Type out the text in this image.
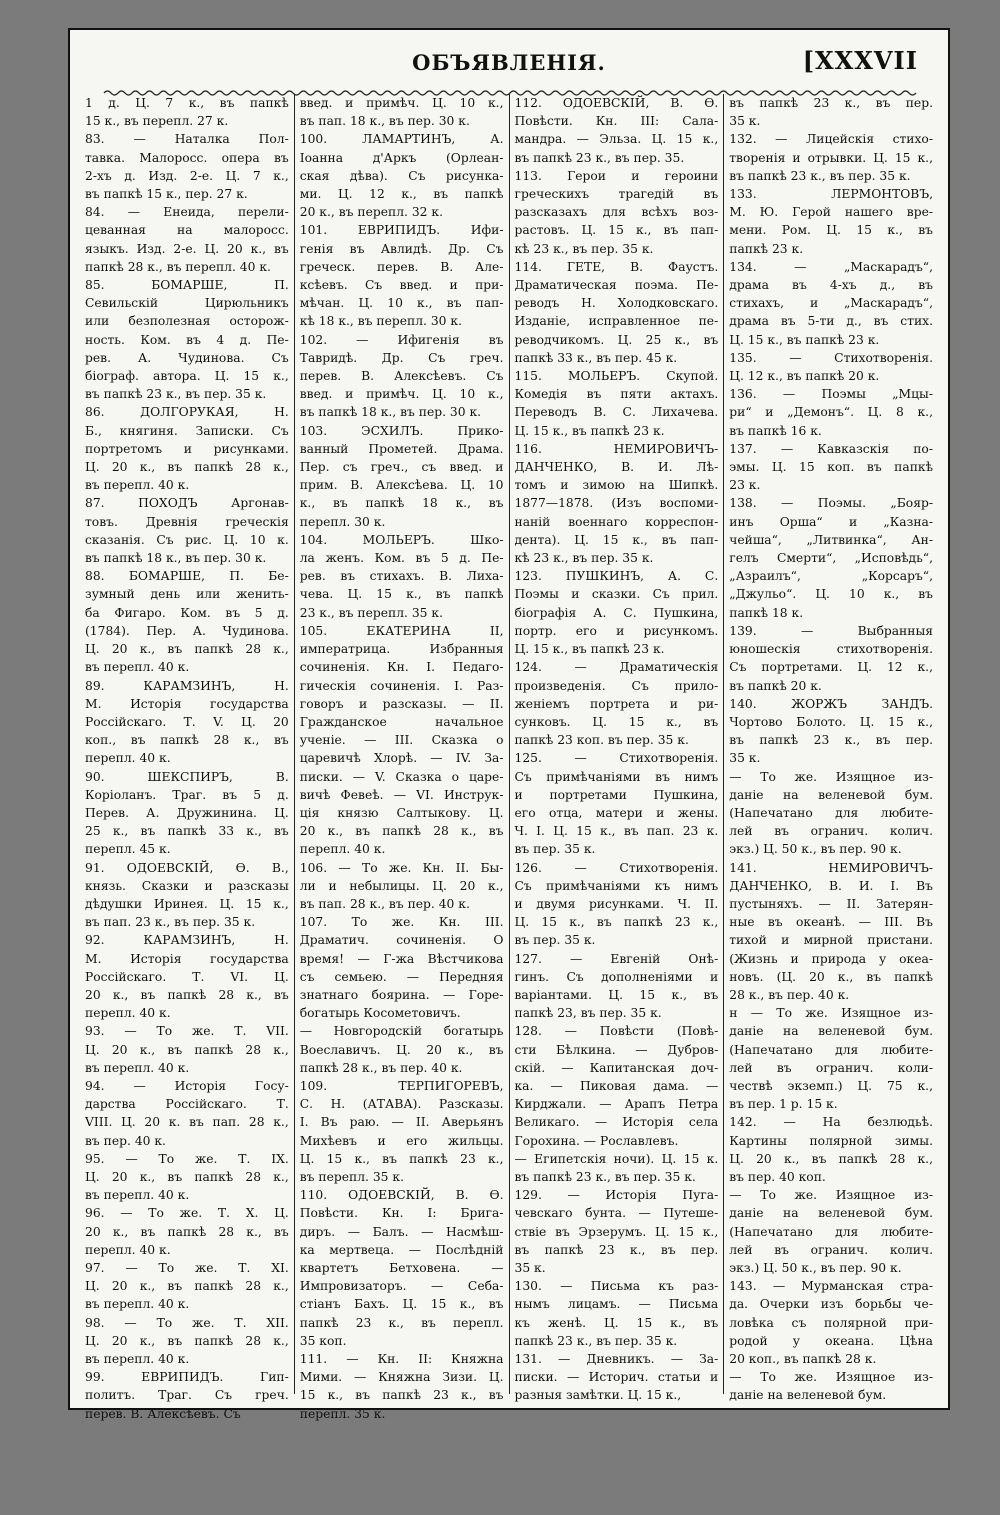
ОБЪЯВЛЕНІЯ.	[XXXVII
1 д. Ц. 7 к., въ папкѣ
15 к., въ перепл. 27 к.
83. — Наталка Пол-
тавка. Малоросс. опера въ
2-хъ д. Изд. 2-е. Ц. 7 к.,
въ папкѣ 15 к., пер. 27 к.
84. — Енеида, перели-
цеванная на малоросс.
языкъ. Изд. 2-е. Ц. 20 к., въ
папкѣ 28 к., въ перепл. 40 к.
85. БОМАРШЕ, П.
Севильскій Цирюльникъ
или безполезная осторож-
ность. Ком. въ 4 д. Пе-
рев. А. Чудинова. Съ
біограф. автора. Ц. 15 к.,
въ папкѣ 23 к., въ пер. 35 к.
86. ДОЛГОРУКАЯ, Н.
Б., княгиня. Записки. Съ
портретомъ и рисунками.
Ц. 20 к., въ папкѣ 28 к.,
въ перепл. 40 к.
87. ПОХОДЪ Аргонав-
товъ. Древнія греческія
сказанія. Съ рис. Ц. 10 к.
въ папкѣ 18 к., въ пер. 30 к.
88. БОМАРШЕ, П. Бе-
зумный день или женить-
ба Фигаро. Ком. въ 5 д.
(1784). Пер. А. Чудинова.
Ц. 20 к., въ папкѣ 28 к.,
въ перепл. 40 к.
89. КАРАМЗИНЪ, Н.
М. Исторія государства
Россійскаго. Т. V. Ц. 20
коп., въ папкѣ 28 к., въ
перепл. 40 к.
90. ШЕКСПИРЪ, В.
Коріоланъ. Траг. въ 5 д.
Перев. А. Дружинина. Ц.
25 к., въ папкѣ 33 к., въ
перепл. 45 к.
91. ОДОЕВСКІЙ, Ѳ. В.,
князь. Сказки и разсказы
дѣдушки Иринея. Ц. 15 к.,
въ пап. 23 к., въ пер. 35 к.
92. КАРАМЗИНЪ, Н.
М. Исторія государства
Россійскаго. Т. VI. Ц.
20 к., въ папкѣ 28 к., въ
перепл. 40 к.
93. — То же. Т. VII.
Ц. 20 к., въ папкѣ 28 к.,
въ перепл. 40 к.
94. — Исторія Госу-
дарства Россійскаго. Т.
VIII. Ц. 20 к. въ пап. 28 к.,
въ пер. 40 к.
95. — То же. Т. IX.
Ц. 20 к., въ папкѣ 28 к.,
въ перепл. 40 к.
96. — То же. Т. X. Ц.
20 к., въ папкѣ 28 к., въ
перепл. 40 к.
97. — То же. Т. XI.
Ц. 20 к., въ папкѣ 28 к.,
въ перепл. 40 к.
98. — То же. Т. XII.
Ц. 20 к., въ папкѣ 28 к.,
въ перепл. 40 к.
99. ЕВРИПИДЪ. Гип-
политъ. Траг. Съ греч.
перев. В. Алексѣевъ. Съ
введ. и примѣч. Ц. 10 к.,
въ пап. 18 к., въ пер. 30 к.
100. ЛАМАРТИНЪ, А.
Іоанна д'Аркъ (Орлеан-
ская дѣва). Съ рисунка-
ми. Ц. 12 к., въ папкѣ
20 к., въ перепл. 32 к.
101. ЕВРИПИДЪ. Ифи-
генія въ Авлидѣ. Др. Съ
греческ. перев. В. Але-
ксѣевъ. Съ введ. и при-
мѣчан. Ц. 10 к., въ пап-
кѣ 18 к., въ перепл. 30 к.
102. — Ифигенія въ
Тавридѣ. Др. Съ греч.
перев. В. Алексѣевъ. Съ
введ. и примѣч. Ц. 10 к.,
въ папкѣ 18 к., въ пер. 30 к.
103. ЭСХИЛЪ. Прико-
ванный Прометей. Драма.
Пер. съ греч., съ введ. и
прим. В. Алексѣева. Ц. 10
к., въ папкѣ 18 к., въ
перепл. 30 к.
104. МОЛЬЕРЪ. Шко-
ла женъ. Ком. въ 5 д. Пе-
рев. въ стихахъ. В. Лиха-
чева. Ц. 15 к., въ папкѣ
23 к., въ перепл. 35 к.
105. ЕКАТЕРИНА II,
императрица. Избранныя
сочиненія. Кн. I. Педаго-
гическія сочиненія. I. Раз-
говоръ и разсказы. — II.
Гражданское начальное
ученіе. — III. Сказка о
царевичѣ Хлорѣ. — IV. За-
писки. — V. Сказка о царе-
вичѣ Февеѣ. — VI. Инструк-
ція князю Салтыкову. Ц.
20 к., въ папкѣ 28 к., въ
перепл. 40 к.
106. — То же. Кн. II. Бы-
ли и небылицы. Ц. 20 к.,
въ пап. 28 к., въ пер. 40 к.
107. То же. Кн. III.
Драматич. сочиненія. О
время! — Г-жа Вѣстчикова
съ семьею. — Передняя
знатнаго боярина. — Горе-
богатырь Косометовичъ.
— Новгородскій богатырь
Воеславичъ. Ц. 20 к., въ
папкѣ 28 к., въ пер. 40 к.
109. ТЕРПИГОРЕВЪ,
С. Н. (АТАВА). Разсказы.
I. Въ раю. — II. Аверьянъ
Михѣевъ и его жильцы.
Ц. 15 к., въ папкѣ 23 к.,
въ перепл. 35 к.
110. ОДОЕВСКІЙ, В. Ѳ.
Повѣсти. Кн. I: Брига-
диръ. — Балъ. — Насмѣш-
ка мертвеца. — Послѣдній
квартетъ Бетховена. —
Импровизаторъ. — Себа-
стіанъ Бахъ. Ц. 15 к., въ
папкѣ 23 к., въ перепл.
35 коп.
111. — Кн. II: Княжна
Мими. — Княжна Зизи. Ц.
15 к., въ папкѣ 23 к., въ
перепл. 35 к.
112. ОДОЕВСКІЙ, В. Ѳ.
Повѣсти. Кн. III: Сала-
мандра. — Эльза. Ц. 15 к.,
въ папкѣ 23 к., въ пер. 35.
113. Герои и героини
греческихъ трагедій въ
разсказахъ для всѣхъ воз-
растовъ. Ц. 15 к., въ пап-
кѣ 23 к., въ пер. 35 к.
114. ГЕТЕ, В. Фаустъ.
Драматическая поэма. Пе-
реводъ Н. Холодковскаго.
Изданіе, исправленное пе-
реводчикомъ. Ц. 25 к., въ
папкѣ 33 к., въ пер. 45 к.
115. МОЛЬЕРЪ. Скупой.
Комедія въ пяти актахъ.
Переводъ В. С. Лихачева.
Ц. 15 к., въ папкѣ 23 к.
116. НЕМИРОВИЧЪ-
ДАНЧЕНКО, В. И. Лѣ-
томъ и зимою на Шипкѣ.
1877—1878. (Изъ воспоми-
наній военнаго корреспон-
дента). Ц. 15 к., въ пап-
кѣ 23 к., въ пер. 35 к.
123. ПУШКИНЪ, А. С.
Поэмы и сказки. Съ прил.
біографія А. С. Пушкина,
портр. его и рисункомъ.
Ц. 15 к., въ папкѣ 23 к.
124. — Драматическія
произведенія. Съ прило-
женіемъ портрета и ри-
сунковъ. Ц. 15 к., въ
папкѣ 23 коп. въ пер. 35 к.
125. — Стихотворенія.
Съ примѣчаніями въ нимъ
и портретами Пушкина,
его отца, матери и жены.
Ч. I. Ц. 15 к., въ пап. 23 к.
въ пер. 35 к.
126. — Стихотворенія.
Съ примѣчаніями къ нимъ
и двумя рисунками. Ч. II.
Ц. 15 к., въ папкѣ 23 к.,
въ пер. 35 к.
127. — Евгеній Онѣ-
гинъ. Съ дополненіями и
варіантами. Ц. 15 к., въ
папкѣ 23, въ пер. 35 к.
128. — Повѣсти (Повѣ-
сти Бѣлкина. — Дубров-
скій. — Капитанская доч-
ка. — Пиковая дама. —
Кирджали. — Арапъ Петра
Великаго. — Исторія села
Горохина. — Рославлевъ.
— Египетскія ночи). Ц. 15 к.
въ папкѣ 23 к., въ пер. 35 к.
129. — Исторія Пуга-
чевскаго бунта. — Путеше-
ствіе въ Эрзерумъ. Ц. 15 к.,
въ папкѣ 23 к., въ пер.
35 к.
130. — Письма къ раз-
нымъ лицамъ. — Письма
къ женѣ. Ц. 15 к., въ
папкѣ 23 к., въ пер. 35 к.
131. — Дневникъ. — За-
писки. — Историч. статьи и
разныя замѣтки. Ц. 15 к.,
въ папкѣ 23 к., въ пер.
35 к.
132. — Лицейскія стихо-
творенія и отрывки. Ц. 15 к.,
въ папкѣ 23 к., въ пер. 35 к.
133. ЛЕРМОНТОВЪ,
М. Ю. Герой нашего вре-
мени. Ром. Ц. 15 к., въ
папкѣ 23 к.
134. — „Маскарадъ“,
драма въ 4-хъ д., въ
стихахъ, и „Маскарадъ“,
драма въ 5-ти д., въ стих.
Ц. 15 к., въ папкѣ 23 к.
135. — Стихотворенія.
Ц. 12 к., въ папкѣ 20 к.
136. — Поэмы „Мцы-
ри“ и „Демонъ“. Ц. 8 к.,
въ папкѣ 16 к.
137. — Кавказскія по-
эмы. Ц. 15 коп. въ папкѣ
23 к.
138. — Поэмы. „Бояр-
инъ Орша“ и „Казна-
чейша“, „Литвинка“, Ан-
гелъ Смерти“, „Исповѣдь“,
„Азраилъ“, „Корсаръ“,
„Джульо“. Ц. 10 к., въ
папкѣ 18 к.
139. — Выбранныя
юношескія стихотворенія.
Съ портретами. Ц. 12 к.,
въ папкѣ 20 к.
140. ЖОРЖЪ ЗАНДЪ.
Чортово Болото. Ц. 15 к.,
въ папкѣ 23 к., въ пер.
35 к.
— То же. Изящное из-
даніе на веленевой бум.
(Напечатано для любите-
лей въ огранич. колич.
экз.) Ц. 50 к., въ пер. 90 к.
141. НЕМИРОВИЧЪ-
ДАНЧЕНКО, В. И. I. Въ
пустыняхъ. — II. Затерян-
ные въ океанѣ. — III. Въ
тихой и мирной пристани.
(Жизнь и природа у океа-
новъ. (Ц. 20 к., въ папкѣ
28 к., въ пер. 40 к.
н — То же. Изящное из-
даніе на веленевой бум.
(Напечатано для любите-
лей въ огранич. коли-
чествѣ экземп.) Ц. 75 к.,
въ пер. 1 р. 15 к.
142. — На безлюдьѣ.
Картины полярной зимы.
Ц. 20 к., въ папкѣ 28 к.,
въ пер. 40 коп.
— То же. Изящное из-
даніе на веленевой бум.
(Напечатано для любите-
лей въ огранич. колич.
экз.) Ц. 50 к., въ пер. 90 к.
143. — Мурманская стра-
да. Очерки изъ борьбы че-
ловѣка съ полярной при-
родой у океана. Цѣна
20 коп., въ папкѣ 28 к.
— То же. Изящное из-
даніе на веленевой бум.
